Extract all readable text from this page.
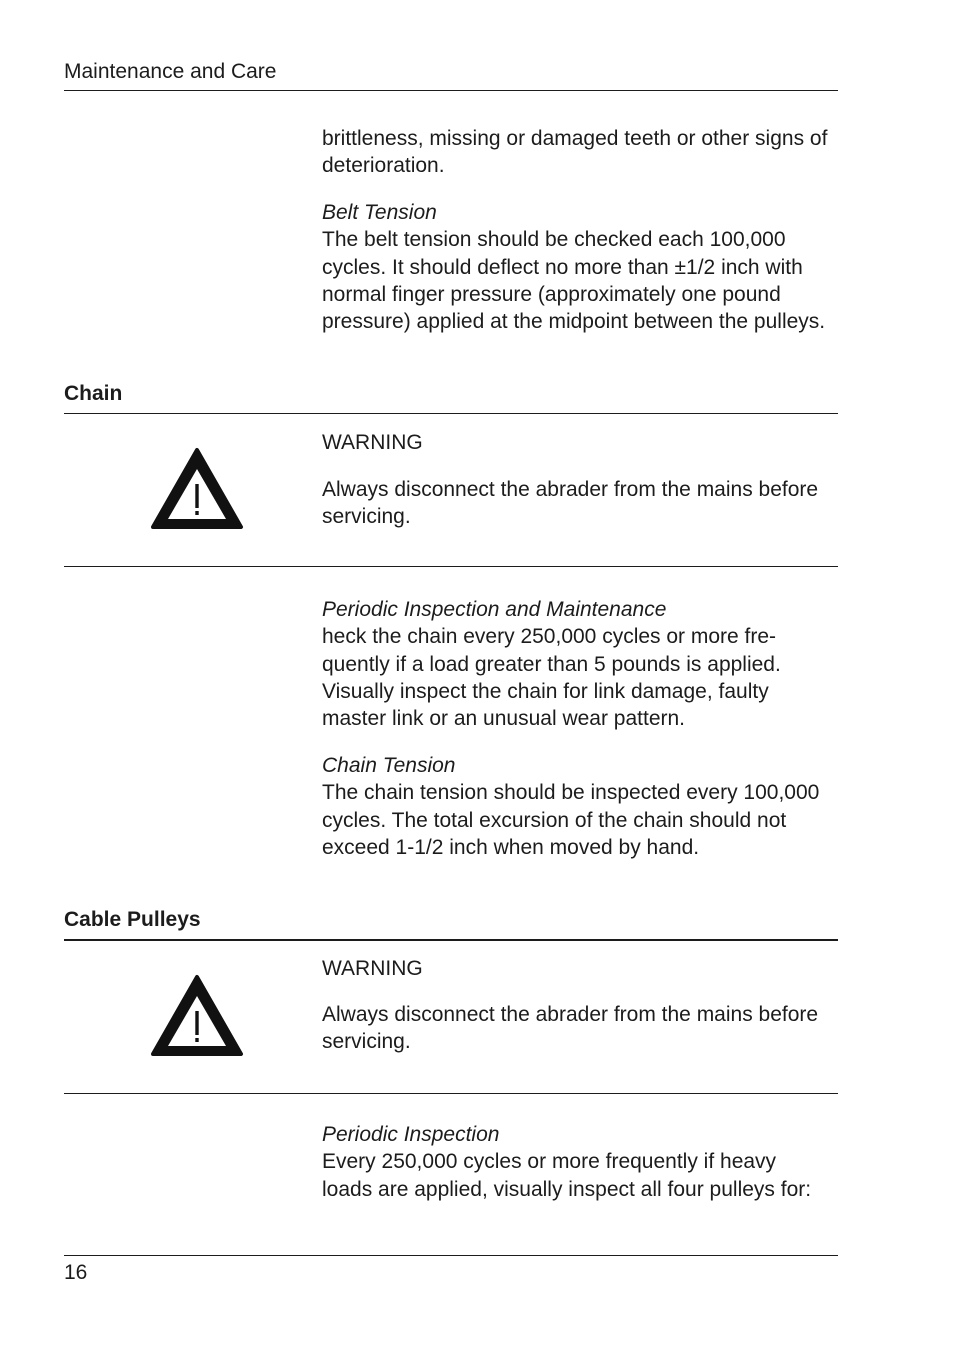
Maintenance and Care

brittleness, missing or damaged teeth or other signs of deterioration.

Belt Tension

The belt tension should be checked each 100,000 cycles. It should deflect no more than ±1/2 inch with normal finger pressure (approximately one pound pressure) applied at the midpoint between the pulleys.

Chain

WARNING

Always disconnect the abrader from the mains before servicing.

Periodic Inspection and Maintenance

heck the chain every 250,000 cycles or more fre-quently if a load greater than 5 pounds is applied. Visually inspect the chain for link damage, faulty master link or an unusual wear pattern.

Chain Tension

The chain tension should be inspected every 100,000 cycles. The total excursion of the chain should not exceed 1-1/2 inch when moved by hand.

Cable Pulleys

WARNING

Always disconnect the abrader from the mains before servicing.

Periodic Inspection

Every 250,000 cycles or more frequently if heavy loads are applied, visually inspect all four pulleys for:

16
